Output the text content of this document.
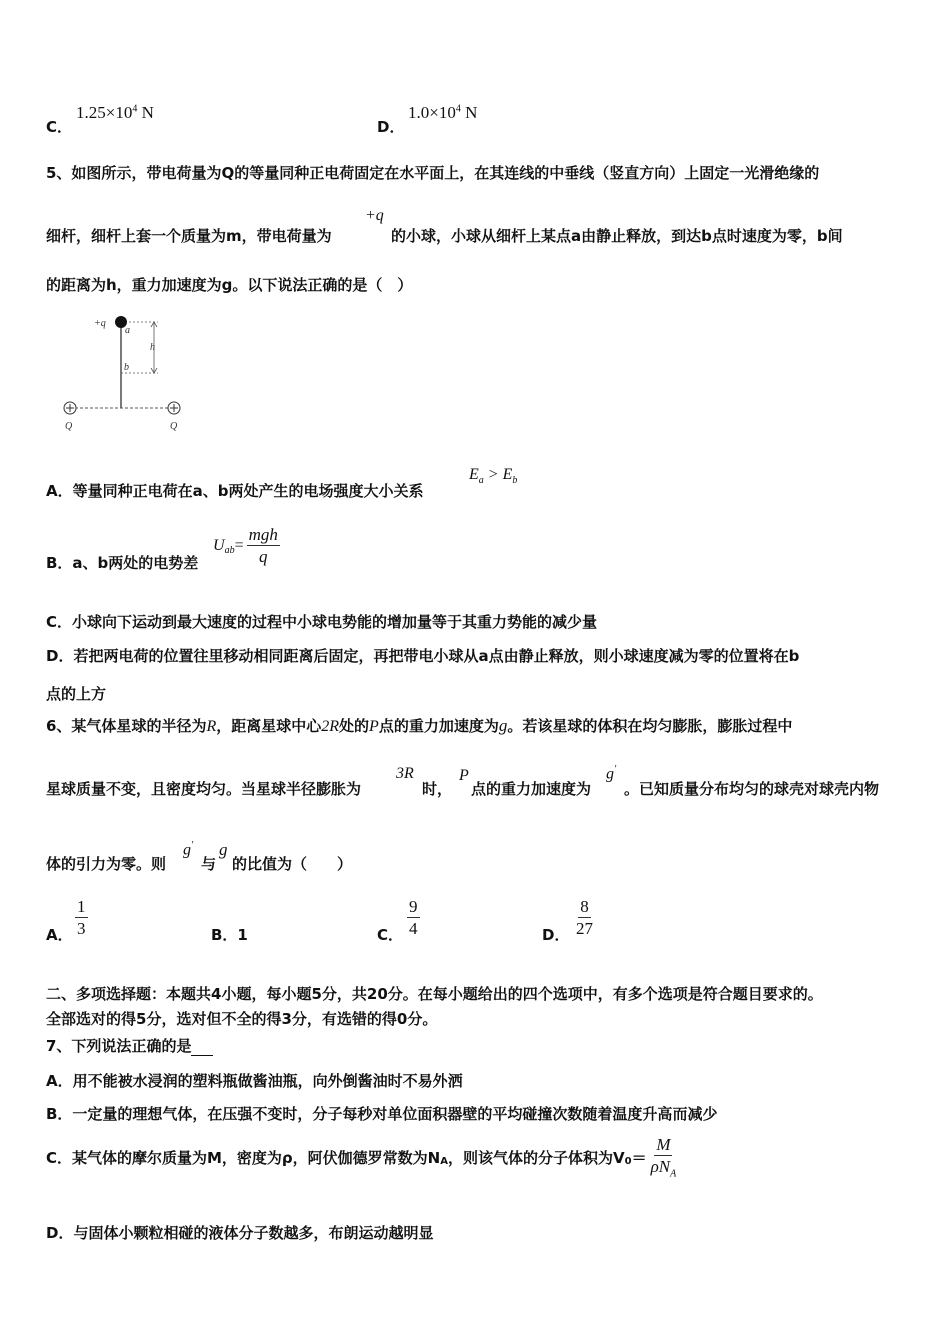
C．
$1.25\times 10^4$ N
D．
$1.0\times 10^4$ N
5、如图所示，带电荷量为Q的等量同种正电荷固定在水平面上，在其连线的中垂线（竖直方向）上固定一光滑绝缘的
细杆，细杆上套一个质量为m，带电荷量为
+q
的小球，小球从细杆上某点a由静止释放，到达b点时速度为零，b间
的距离为h，重力加速度为g。以下说法正确的是（　）
+q
a
b
h
Q	Q
A．等量同种正电荷在a、b两处产生的电场强度大小关系
$E_a > E_b$
B．a、b两处的电势差
$U_{ab} = \frac{\text{mgh}}{q}$
C．小球向下运动到最大速度的过程中小球电势能的增加量等于其重力势能的减少量
D．若把两电荷的位置往里移动相同距离后固定，再把带电小球从a点由静止释放，则小球速度减为零的位置将在b
点的上方
6、某气体星球的半径为R，距离星球中心2R处的P点的重力加速度为g。若该星球的体积在均匀膨胀，膨胀过程中
星球质量不变，且密度均匀。当星球半径膨胀为
3R
时，
P
点的重力加速度为
g′
。已知质量分布均匀的球壳对球壳内物
体的引力为零。则
g′
与
g
的比值为（　　）
A． $\frac{1}{3}$	B．1	C． $\frac{9}{4}$	D． $\frac{8}{27}$
二、多项选择题：本题共4小题，每小题5分，共20分。在每小题给出的四个选项中，有多个选项是符合题目要求的。
全部选对的得5分，选对但不全的得3分，有选错的得0分。
7、下列说法正确的是
A．用不能被水浸润的塑料瓶做酱油瓶，向外倒酱油时不易外洒
B．一定量的理想气体，在压强不变时，分子每秒对单位面积器壁的平均碰撞次数随着温度升高而减少
C．某气体的摩尔质量为M，密度为ρ，阿伏伽德罗常数为$N_A$ ，则该气体的分子体积为$V_0 = \frac{M}{\rho N_A}$
D．与固体小颗粒相碰的液体分子数越多，布朗运动越明显
